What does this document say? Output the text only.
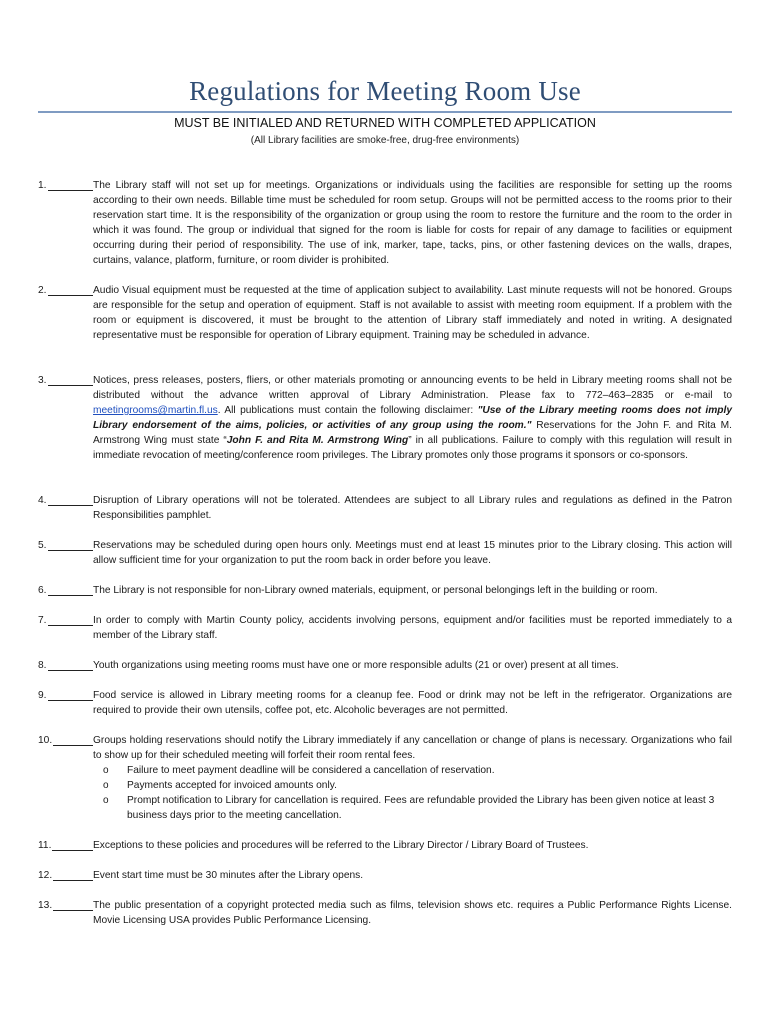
Regulations for Meeting Room Use
MUST BE INITIALED AND RETURNED WITH COMPLETED APPLICATION
(All Library facilities are smoke-free, drug-free environments)
1.	The Library staff will not set up for meetings. Organizations or individuals using the facilities are responsible for setting up the rooms according to their own needs. Billable time must be scheduled for room setup. Groups will not be permitted access to the rooms prior to their reservation start time. It is the responsibility of the organization or group using the room to restore the furniture and the room to the order in which it was found. The group or individual that signed for the room is liable for costs for repair of any damage to facilities or equipment occurring during their period of responsibility. The use of ink, marker, tape, tacks, pins, or other fastening devices on the walls, drapes, curtains, valance, platform, furniture, or room divider is prohibited.
2.	Audio Visual equipment must be requested at the time of application subject to availability. Last minute requests will not be honored. Groups are responsible for the setup and operation of equipment. Staff is not available to assist with meeting room equipment. If a problem with the room or equipment is discovered, it must be brought to the attention of Library staff immediately and noted in writing. A designated representative must be responsible for operation of Library equipment. Training may be scheduled in advance.
3.	Notices, press releases, posters, fliers, or other materials promoting or announcing events to be held in Library meeting rooms shall not be distributed without the advance written approval of Library Administration. Please fax to 772–463–2835 or e-mail to meetingrooms@martin.fl.us. All publications must contain the following disclaimer: "Use of the Library meeting rooms does not imply Library endorsement of the aims, policies, or activities of any group using the room." Reservations for the John F. and Rita M. Armstrong Wing must state “John F. and Rita M. Armstrong Wing” in all publications. Failure to comply with this regulation will result in immediate revocation of meeting/conference room privileges. The Library promotes only those programs it sponsors or co-sponsors.
4.	Disruption of Library operations will not be tolerated. Attendees are subject to all Library rules and regulations as defined in the Patron Responsibilities pamphlet.
5.	Reservations may be scheduled during open hours only. Meetings must end at least 15 minutes prior to the Library closing. This action will allow sufficient time for your organization to put the room back in order before you leave.
6.	The Library is not responsible for non-Library owned materials, equipment, or personal belongings left in the building or room.
7.	In order to comply with Martin County policy, accidents involving persons, equipment and/or facilities must be reported immediately to a member of the Library staff.
8.	Youth organizations using meeting rooms must have one or more responsible adults (21 or over) present at all times.
9.	Food service is allowed in Library meeting rooms for a cleanup fee. Food or drink may not be left in the refrigerator. Organizations are required to provide their own utensils, coffee pot, etc. Alcoholic beverages are not permitted.
10.	Groups holding reservations should notify the Library immediately if any cancellation or change of plans is necessary. Organizations who fail to show up for their scheduled meeting will forfeit their room rental fees.
o Failure to meet payment deadline will be considered a cancellation of reservation.
o Payments accepted for invoiced amounts only.
o Prompt notification to Library for cancellation is required. Fees are refundable provided the Library has been given notice at least 3 business days prior to the meeting cancellation.
11.	Exceptions to these policies and procedures will be referred to the Library Director / Library Board of Trustees.
12.	Event start time must be 30 minutes after the Library opens.
13.	The public presentation of a copyright protected media such as films, television shows etc. requires a Public Performance Rights License. Movie Licensing USA provides Public Performance Licensing.
